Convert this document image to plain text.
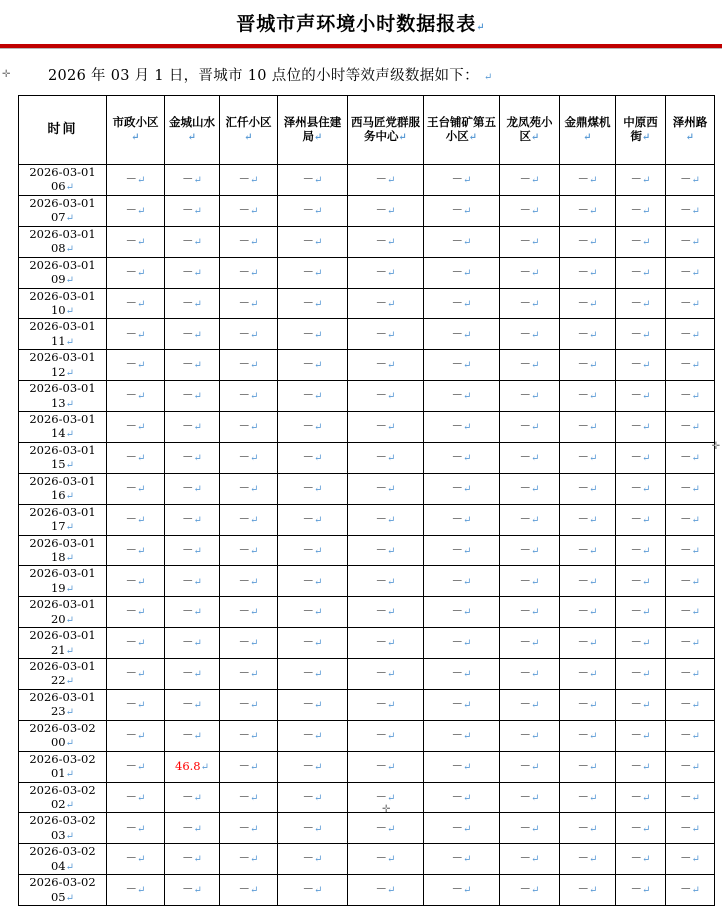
晋城市声环境小时数据报表↵
2026 年 03 月 1 日，晋城市 10 点位的小时等效声级数据如下： ↵
时间	市政小区↵	金城山水↵	汇仟小区↵	泽州县住建局↵	西马匠党群服务中心↵	王台铺矿第五小区↵	龙凤苑小区↵	金鼎煤机↵	中原西街↵	泽州路↵
2026-03-01 06↵	－↵	－↵	－↵	－↵	－↵	－↵	－↵	－↵	－↵	－↵
2026-03-01 07↵	－↵	－↵	－↵	－↵	－↵	－↵	－↵	－↵	－↵	－↵
2026-03-01 08↵	－↵	－↵	－↵	－↵	－↵	－↵	－↵	－↵	－↵	－↵
2026-03-01 09↵	－↵	－↵	－↵	－↵	－↵	－↵	－↵	－↵	－↵	－↵
2026-03-01 10↵	－↵	－↵	－↵	－↵	－↵	－↵	－↵	－↵	－↵	－↵
2026-03-01 11↵	－↵	－↵	－↵	－↵	－↵	－↵	－↵	－↵	－↵	－↵
2026-03-01 12↵	－↵	－↵	－↵	－↵	－↵	－↵	－↵	－↵	－↵	－↵
2026-03-01 13↵	－↵	－↵	－↵	－↵	－↵	－↵	－↵	－↵	－↵	－↵
2026-03-01 14↵	－↵	－↵	－↵	－↵	－↵	－↵	－↵	－↵	－↵	－↵
2026-03-01 15↵	－↵	－↵	－↵	－↵	－↵	－↵	－↵	－↵	－↵	－↵
2026-03-01 16↵	－↵	－↵	－↵	－↵	－↵	－↵	－↵	－↵	－↵	－↵
2026-03-01 17↵	－↵	－↵	－↵	－↵	－↵	－↵	－↵	－↵	－↵	－↵
2026-03-01 18↵	－↵	－↵	－↵	－↵	－↵	－↵	－↵	－↵	－↵	－↵
2026-03-01 19↵	－↵	－↵	－↵	－↵	－↵	－↵	－↵	－↵	－↵	－↵
2026-03-01 20↵	－↵	－↵	－↵	－↵	－↵	－↵	－↵	－↵	－↵	－↵
2026-03-01 21↵	－↵	－↵	－↵	－↵	－↵	－↵	－↵	－↵	－↵	－↵
2026-03-01 22↵	－↵	－↵	－↵	－↵	－↵	－↵	－↵	－↵	－↵	－↵
2026-03-01 23↵	－↵	－↵	－↵	－↵	－↵	－↵	－↵	－↵	－↵	－↵
2026-03-02 00↵	－↵	－↵	－↵	－↵	－↵	－↵	－↵	－↵	－↵	－↵
2026-03-02 01↵	－↵	46.8↵	－↵	－↵	－↵	－↵	－↵	－↵	－↵	－↵
2026-03-02 02↵	－↵	－↵	－↵	－↵	－↵	－↵	－↵	－↵	－↵	－↵
2026-03-02 03↵	－↵	－↵	－↵	－↵	－↵	－↵	－↵	－↵	－↵	－↵
2026-03-02 04↵	－↵	－↵	－↵	－↵	－↵	－↵	－↵	－↵	－↵	－↵
2026-03-02 05↵	－↵	－↵	－↵	－↵	－↵	－↵	－↵	－↵	－↵	－↵
✛
✛
✛
